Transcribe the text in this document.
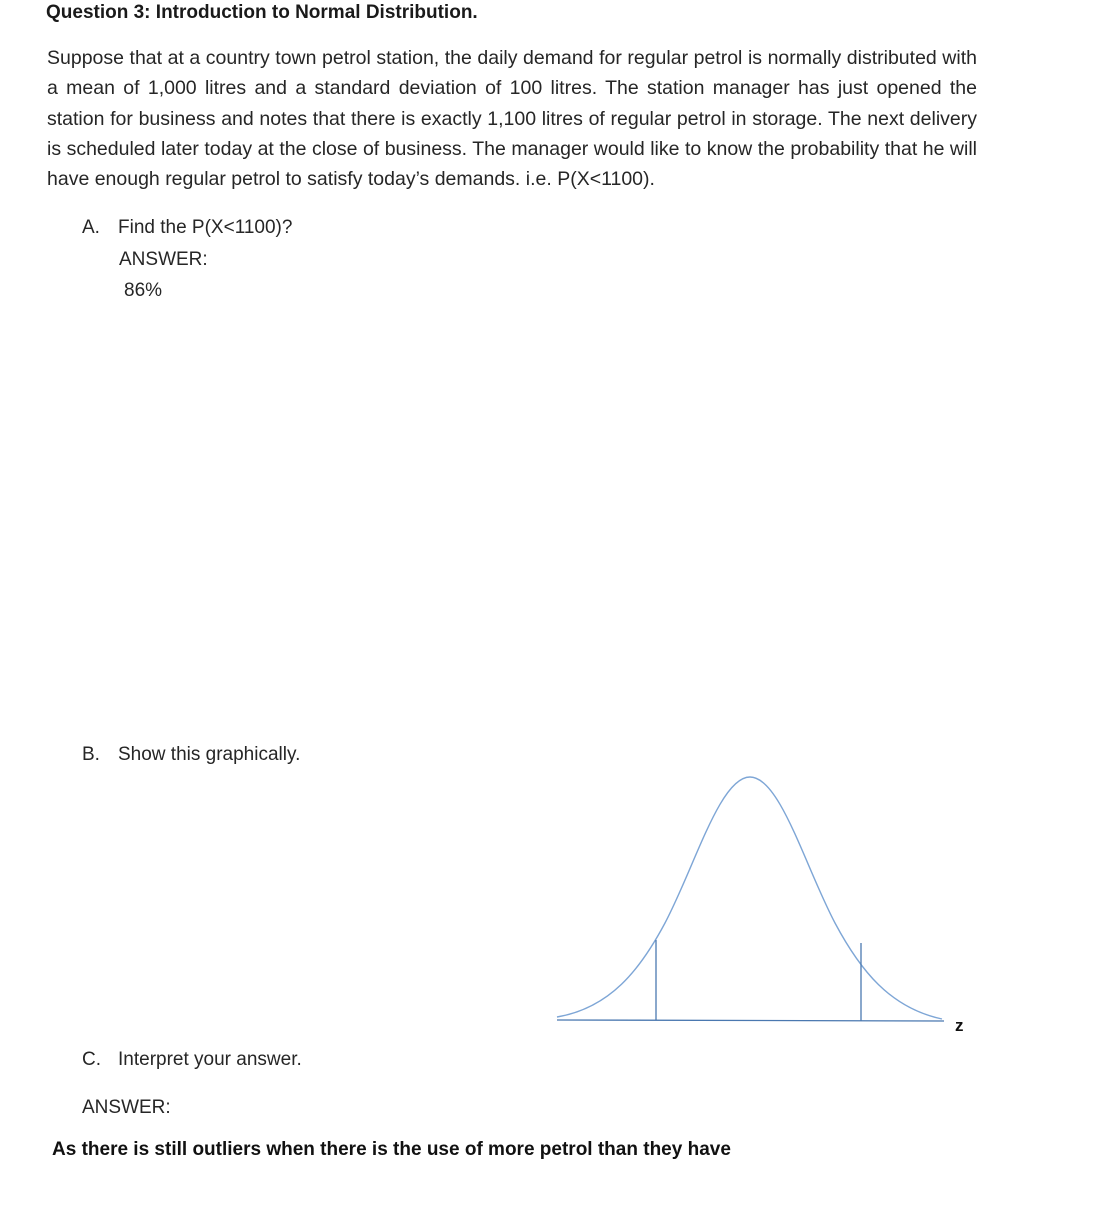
Question 3: Introduction to Normal Distribution.
Suppose that at a country town petrol station, the daily demand for regular petrol is normally distributed with a mean of 1,000 litres and a standard deviation of 100 litres. The station manager has just opened the station for business and notes that there is exactly 1,100 litres of regular petrol in storage. The next delivery is scheduled later today at the close of business. The manager would like to know the probability that he will have enough regular petrol to satisfy today’s demands. i.e. P(X<1100).
A. Find the P(X<1100)?
ANSWER:
86%
B. Show this graphically.
z
C. Interpret your answer.
ANSWER:
As there is still outliers when there is the use of more petrol than they have
